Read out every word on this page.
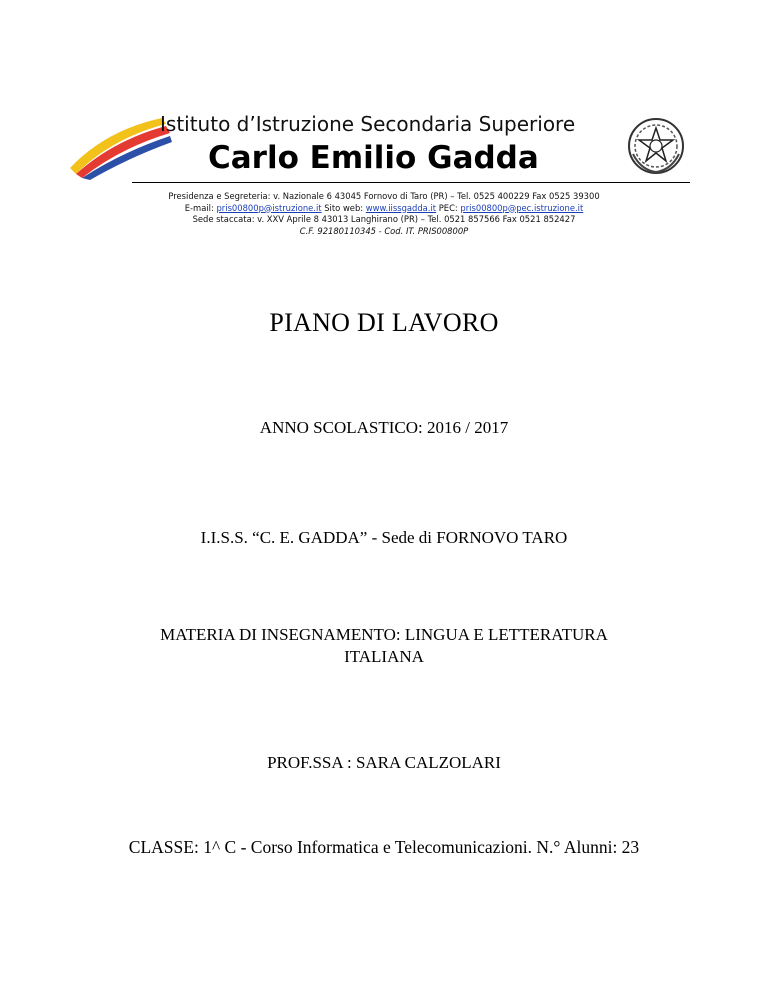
Istituto d’Istruzione Secondaria Superiore
Carlo Emilio Gadda
Presidenza e Segreteria: v. Nazionale 6 43045 Fornovo di Taro (PR) – Tel. 0525 400229 Fax 0525 39300
E-mail: pris00800p@istruzione.it Sito web: www.iissgadda.it PEC: pris00800p@pec.istruzione.it
Sede staccata: v. XXV Aprile 8 43013 Langhirano (PR) – Tel. 0521 857566 Fax 0521 852427
C.F. 92180110345 - Cod. IT. PRIS00800P
PIANO DI LAVORO
ANNO SCOLASTICO: 2016 / 2017
I.I.S.S. “C. E. GADDA” - Sede di FORNOVO TARO
MATERIA DI INSEGNAMENTO: LINGUA E LETTERATURA
ITALIANA
PROF.SSA : SARA CALZOLARI
CLASSE: 1^ C - Corso Informatica e Telecomunicazioni. N.° Alunni: 23
